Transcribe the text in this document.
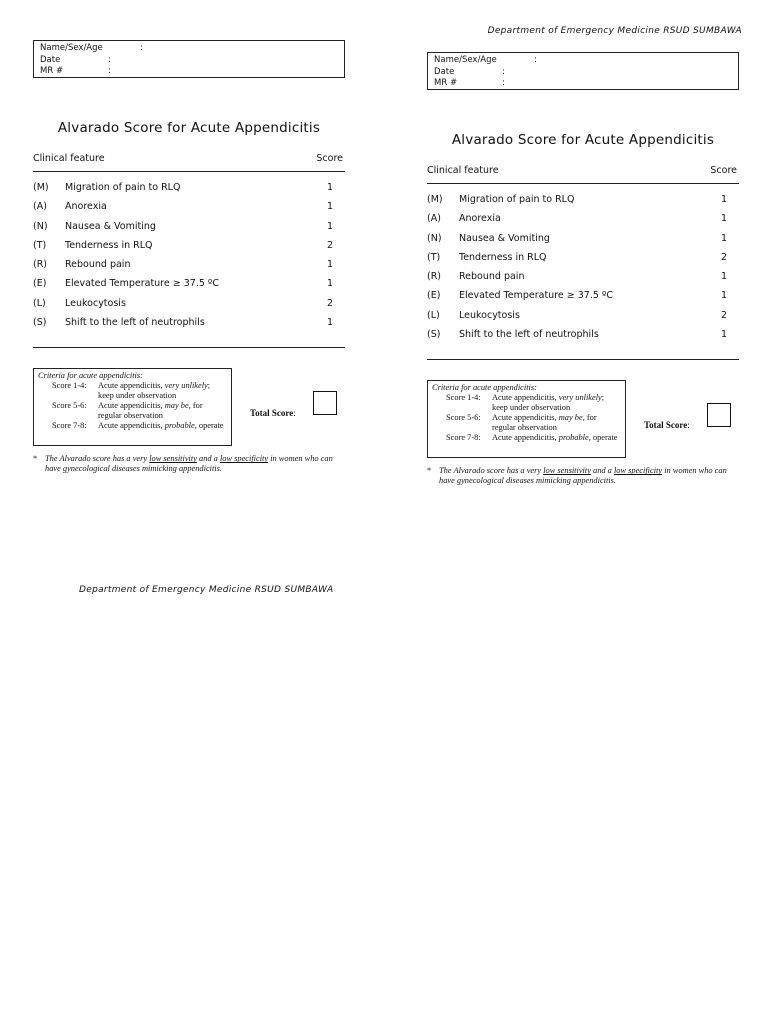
Department of Emergency Medicine RSUD SUMBAWA
Name/Sex/Age	:
Date	:
MR #	:
Alvarado Score for Acute Appendicitis
Clinical feature	Score
(M) Migration of pain to RLQ	1
(A) Anorexia	1
(N) Nausea & Vomiting	1
(T) Tenderness in RLQ	2
(R) Rebound pain	1
(E) Elevated Temperature ≥ 37.5 ºC	1
(L) Leukocytosis	2
(S) Shift to the left of neutrophils	1
Criteria for acute appendicitis:
Score 1-4: Acute appendicitis, very unlikely; keep under observation
Score 5-6: Acute appendicitis, may be, for regular observation
Score 7-8: Acute appendicitis, probable, operate
Total Score:
* The Alvarado score has a very low sensitivity and a low specificity in women who can have gynecological diseases mimicking appendicitis.
Name/Sex/Age	:
Date	:
MR #	:
Alvarado Score for Acute Appendicitis
Clinical feature	Score
(M) Migration of pain to RLQ	1
(A) Anorexia	1
(N) Nausea & Vomiting	1
(T) Tenderness in RLQ	2
(R) Rebound pain	1
(E) Elevated Temperature ≥ 37.5 ºC	1
(L) Leukocytosis	2
(S) Shift to the left of neutrophils	1
Criteria for acute appendicitis:
Score 1-4: Acute appendicitis, very unlikely; keep under observation
Score 5-6: Acute appendicitis, may be, for regular observation
Score 7-8: Acute appendicitis, probable, operate
Total Score:
* The Alvarado score has a very low sensitivity and a low specificity in women who can have gynecological diseases mimicking appendicitis.
Department of Emergency Medicine RSUD SUMBAWA
